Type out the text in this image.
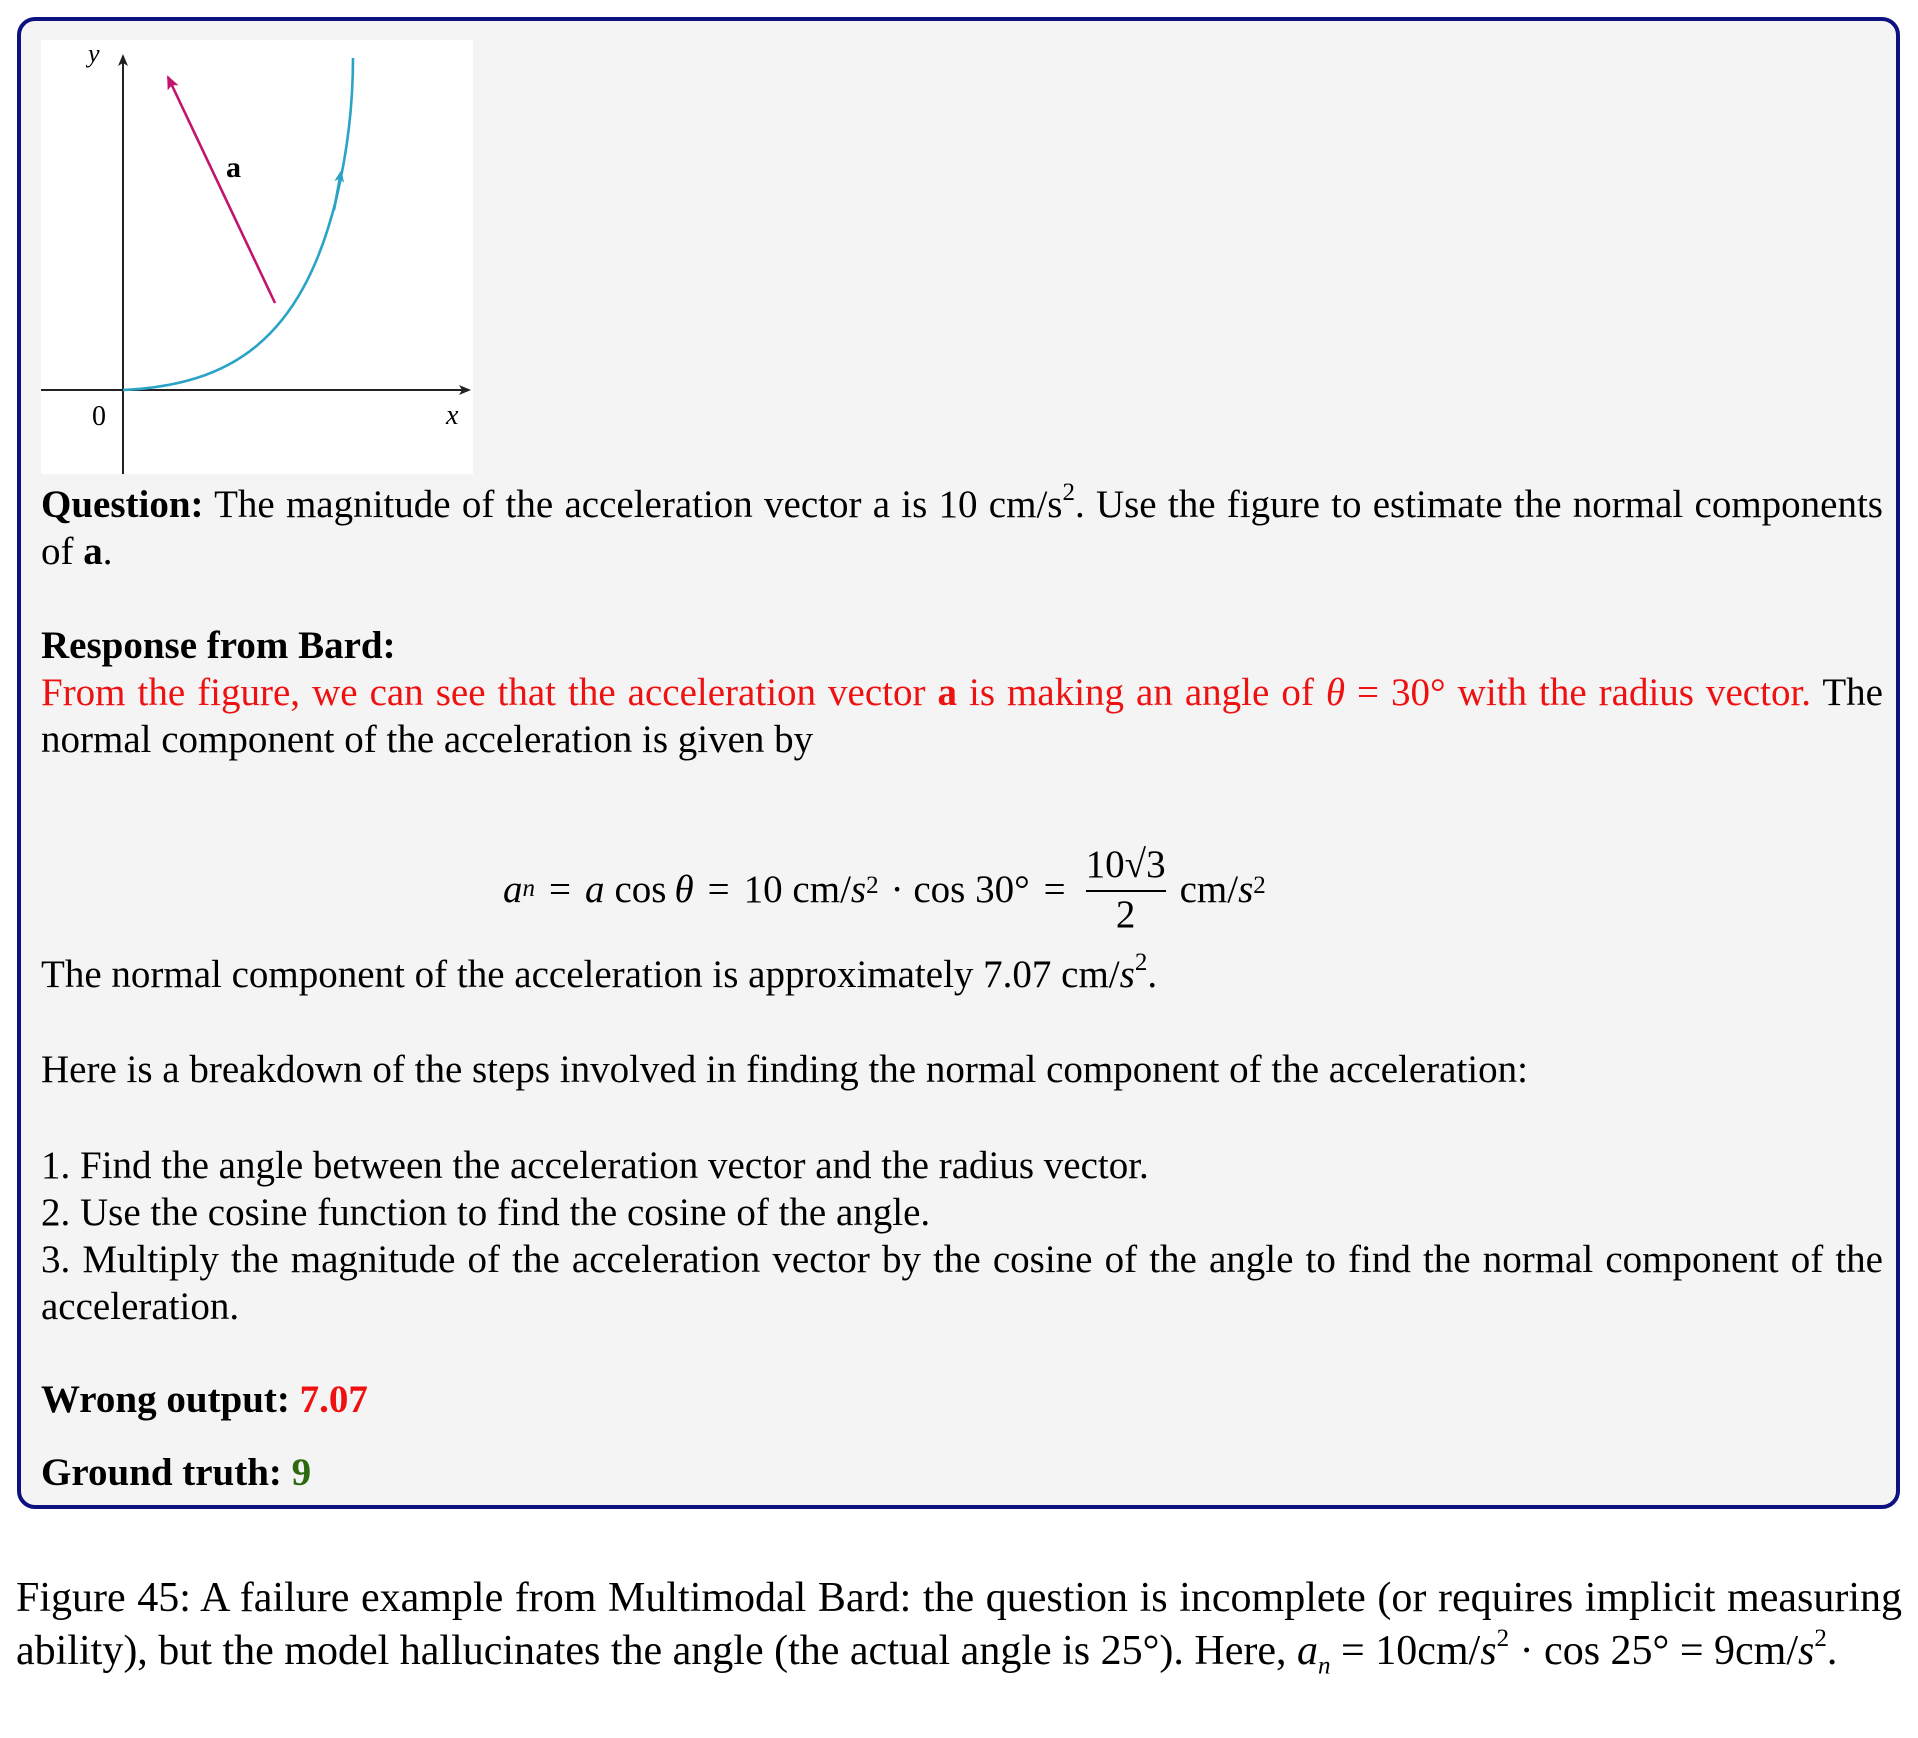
y
x
0
a
Question: The magnitude of the acceleration vector a is 10 $cm/s^2$. Use the figure to estimate the normal components of a.
Response from Bard:
From the figure, we can see that the acceleration vector a is making an angle of θ = 30° with the radius vector. The normal component of the acceleration is given by
a n = a cos θ = 10 cm/ $s^2 \cdot \cos 30^\circ = \frac{10√3}{2} cm/$ $s^2$
The normal component of the acceleration is approximately 7.07 $cm/s^2$.
Here is a breakdown of the steps involved in finding the normal component of the acceleration:
1. Find the angle between the acceleration vector and the radius vector.
2. Use the cosine function to find the cosine of the angle.
3. Multiply the magnitude of the acceleration vector by the cosine of the angle to find the normal component of the acceleration.
Wrong output: 7.07
Ground truth: 9
Figure 45: A failure example from Multimodal Bard: the question is incomplete (or requires implicit measuring ability), but the model hallucinates the angle (the actual angle is 25°). Here, $a_n = 10cm/s^2 \cdot \cos 25^\circ = 9cm/s^2$.
